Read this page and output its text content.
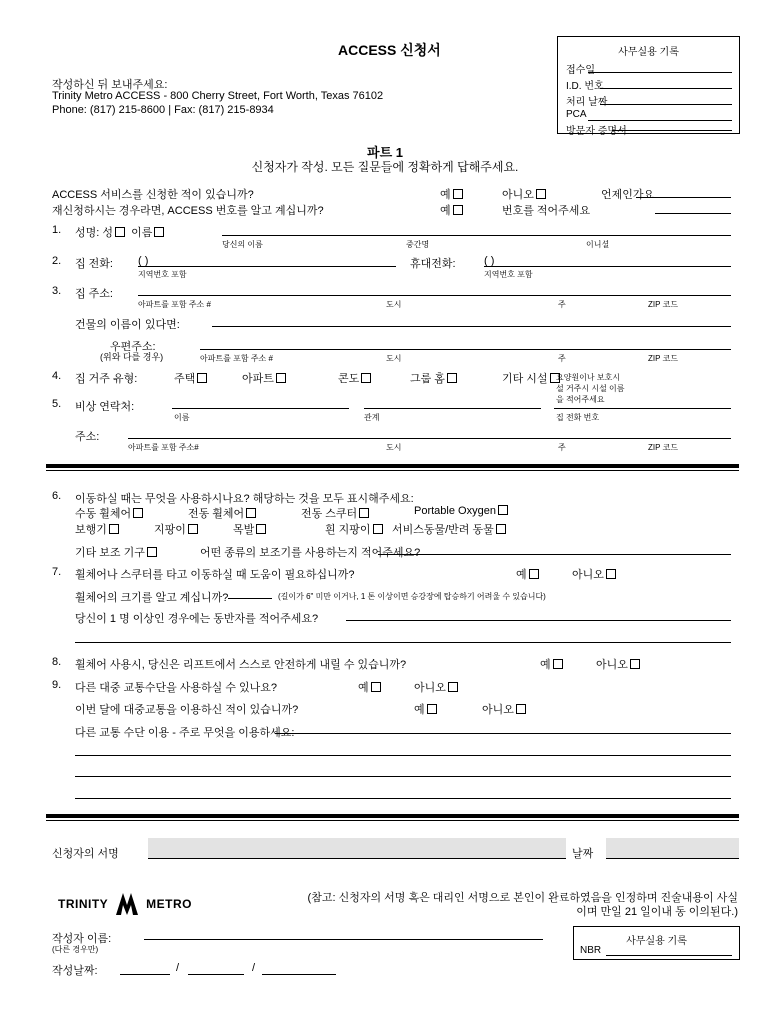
ACCESS 신청서
작성하신 뒤 보내주세요:
Trinity Metro ACCESS - 800 Cherry Street, Fort Worth, Texas 76102
Phone: (817) 215-8600 | Fax: (817) 215-8934
사무실용 기록
접수일
I.D. 번호
처리 날짜
PCA
방문자 증명서
파트 1
신청자가 작성. 모든 질문들에 정확하게 답해주세요.
ACCESS 서비스를 신청한 적이 있습니까?	예	아니오	언제인가요
재신청하시는 경우라면, ACCESS 번호를 알고 계십니까?	예	번호를 적어주세요
1. 성명: 성 이름
당신의 이름	중간명	이니셜
2. 집 전화: ( )
지역번호 포함
휴대전화:	( )
지역번호 포함
3. 집 주소:
아파트를 포함 주소 #	도시	주	ZIP 코드
건물의 이름이 있다면:
우편주소:
(위와 다를 경우)	아파트를 포함 주소 #	도시	주	ZIP 코드
4. 집 거주 유형:	주택	아파트	콘도	그룹 홈	기타 시설	요양원이나 보호시설 거주시 시설 이름을 적어주세요
5. 비상 연락처:
이름	관계	집 전화 번호
주소:
아파트를 포함 주소#	도시	주	ZIP 코드
6. 이동하실 때는 무엇을 사용하시나요? 해당하는 것을 모두 표시해주세요:
수동 휠체어	전동 휠체어	전동 스쿠터	Portable Oxygen
보행기	지팡이	목발	흰 지팡이	서비스동물/반려 동물
기타 보조 기구	어떤 종류의 보조기를 사용하는지 적어주세요?
7. 휠체어나 스쿠터를 타고 이동하실 때 도움이 필요하십니까?	예	아니오
휠체어의 크기를 알고 계십니까?	(길이가 6" 미만 이거나, 1 톤 이상이면 승강장에 탑승하기 어려울 수 있습니다)
당신이 1 명 이상인 경우에는 동반자를 적어주세요?
8. 휠체어 사용시, 당신은 리프트에서 스스로 안전하게 내릴 수 있습니까?	예	아니오
9. 다른 대중 교통수단을 사용하실 수 있나요?	예	아니오
이번 달에 대중교통을 이용하신 적이 있습니까?	예	아니오
다른 교통 수단 이용 - 주로 무엇을 이용하세요:
신청자의 서명	날짜
TRINITY	METRO	(참고: 신청자의 서명 혹은 대리인 서명으로 본인이 완료하였음을 인정하며 진술내용이 사실이며 만일 21 일이내 동 이의된다.)
작성자 이름:
(다른 경우만)
작성날짜:	/	/
사무실용 기록
NBR
